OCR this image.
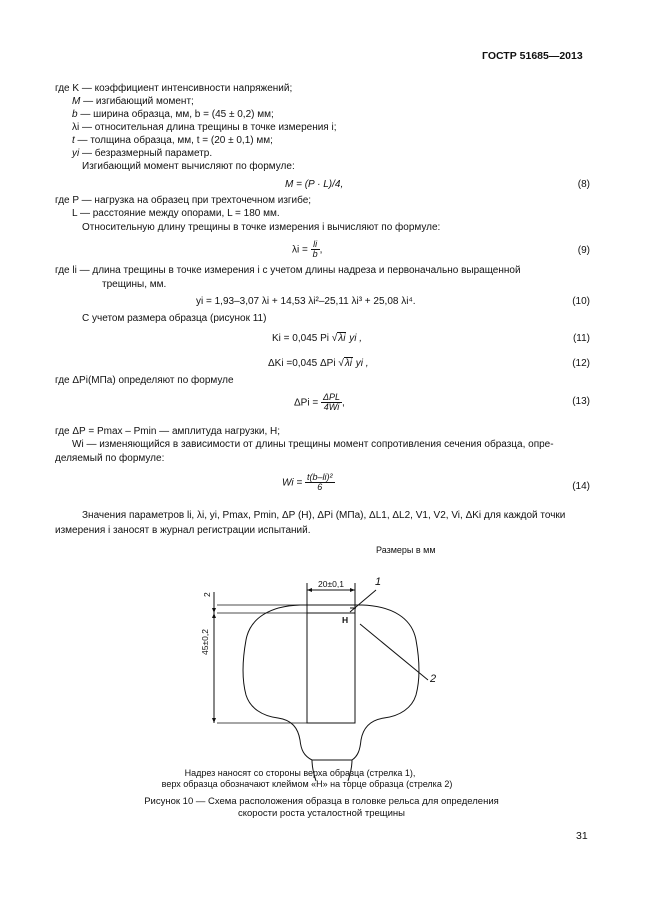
ГОСТР 51685—2013
где K — коэффициент интенсивности напряжений;
M — изгибающий момент;
b — ширина образца, мм, b = (45 ± 0,2) мм;
λi — относительная длина трещины в точке измерения i;
t — толщина образца, мм, t = (20 ± 0,1) мм;
yi — безразмерный параметр.
Изгибающий момент вычисляют по формуле:
M = (P · L)/4,	(8)
где P — нагрузка на образец при трехточечном изгибе;
L — расстояние между опорами, L = 180 мм.
Относительную длину трещины в точке измерения i вычисляют по формуле:
$\lambda i = \frac{li}{b}$ ,	(9)
где li — длина трещины в точке измерения i с учетом длины надреза и первоначально выращенной
трещины, мм.
yi = 1,93–3,07 λi + 14,53 λi²–25,11 λi³ + 25,08 λi⁴.	(10)
С учетом размера образца (рисунок 11)
Ki = 0,045 Pi √λi yi ,	(11)
ΔKi =0,045 ΔPi √λi yi ,	(12)
где ΔPi(МПа) определяют по формуле
$\Delta Pi = \frac{\text{ΔPL}}{4Wi}$ ,	(13)
где ΔP = Pmax – Pmin — амплитуда нагрузки, Н;
Wi — изменяющийся в зависимости от длины трещины момент сопротивления сечения образца, опре-
деляемый по формуле:
$Wi = \frac{\text{t(b–li)²}}{6}$	(14)
Значения параметров li, λi, yi, Pmax, Pmin, ΔP (Н), ΔPi (МПа), ΔL1, ΔL2, V1, V2, Vi, ΔKi для каждой точки
измерения i заносят в журнал регистрации испытаний.
Размеры в мм
20±0,1
45±0,2
2
Н
1
2
Надрез наносят со стороны верха образца (стрелка 1),
верх образца обозначают клеймом «Н» на торце образца (стрелка 2)
Рисунок 10 — Схема расположения образца в головке рельса для определения
скорости роста усталостной трещины
31
